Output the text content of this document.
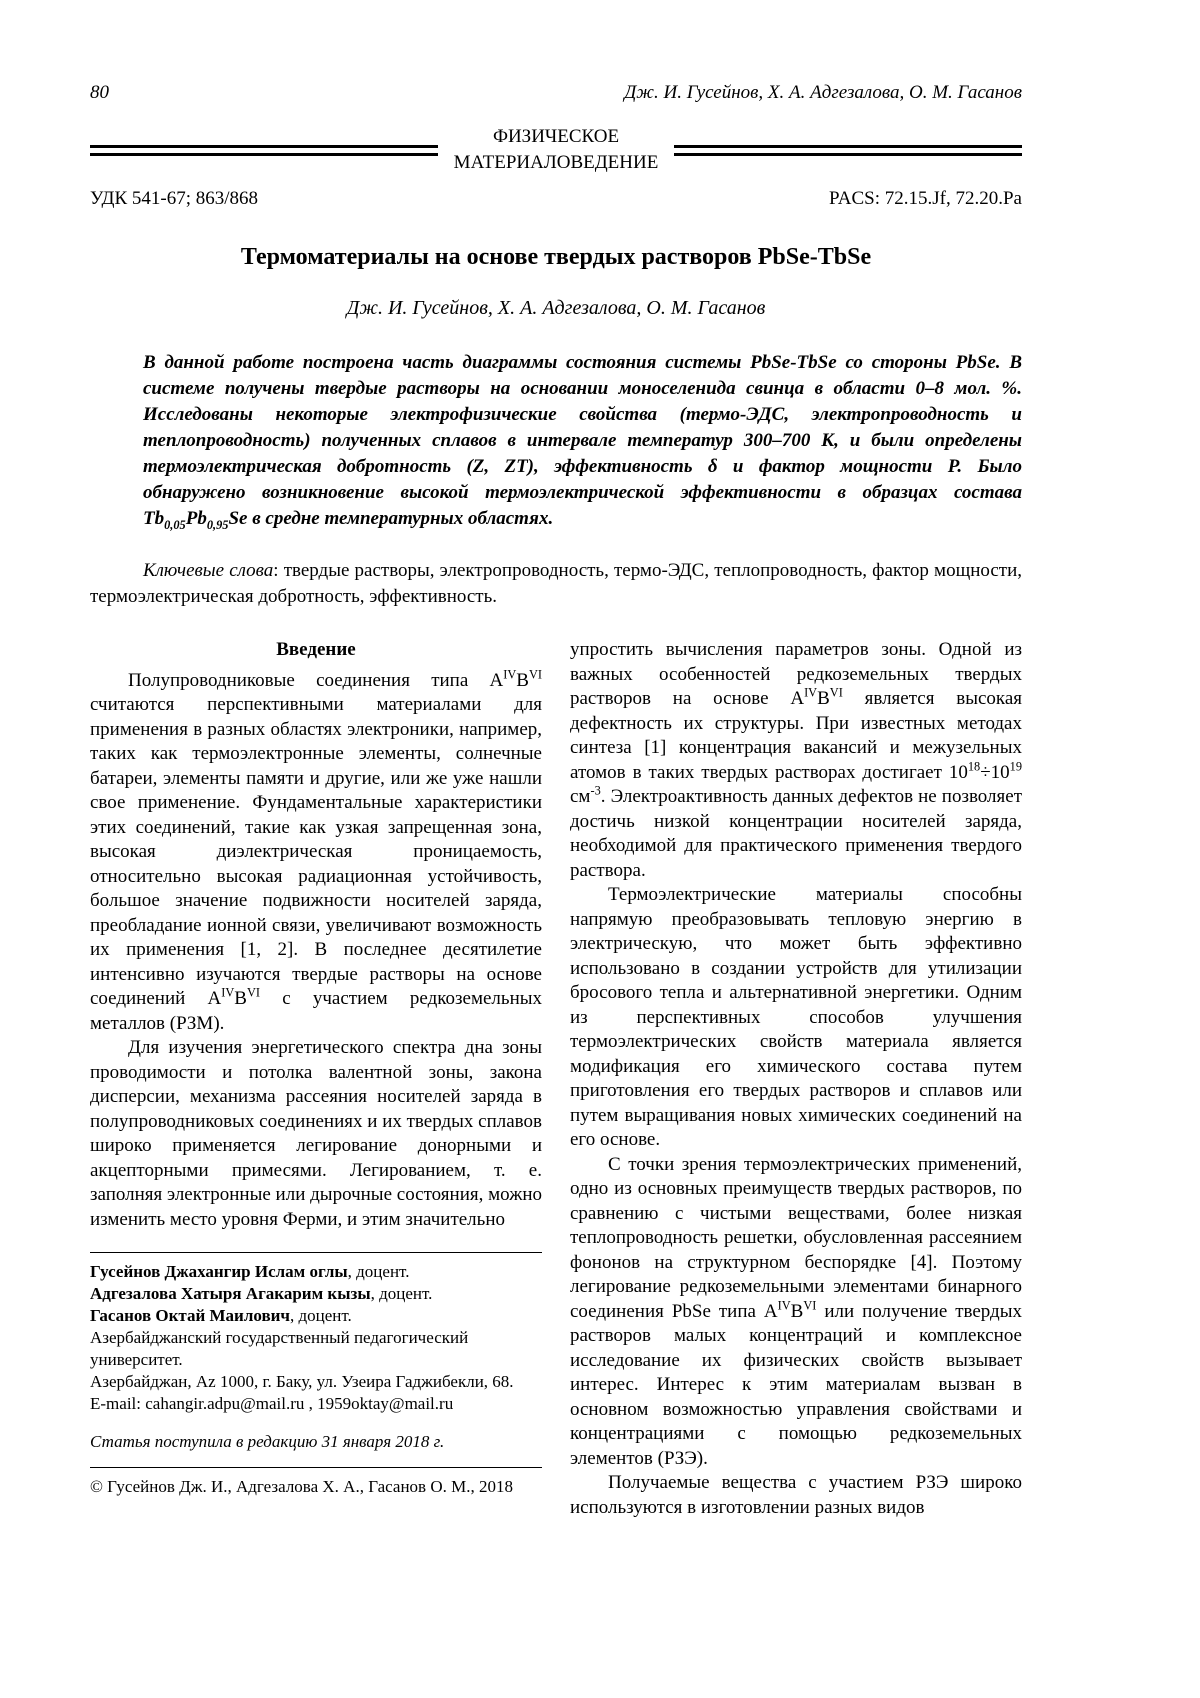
80	Дж. И. Гусейнов, Х. А. Адгезалова, О. М. Гасанов
ФИЗИЧЕСКОЕ
МАТЕРИАЛОВЕДЕНИЕ
УДК 541-67; 863/868	PACS: 72.15.Jf, 72.20.Pa
Термоматериалы на основе твердых растворов PbSe-TbSe
Дж. И. Гусейнов, Х. А. Адгезалова, О. М. Гасанов

В данной работе построена часть диаграммы состояния системы PbSe-TbSe со стороны PbSe. В системе получены твердые растворы на основании моноселенида свинца в области 0–8 мол. %. Исследованы некоторые электрофизические свойства (термо-ЭДС, электропроводность и теплопроводность) полученных сплавов в интервале температур 300–700 К, и были определены термоэлектрическая добротность (Z, ZT), эффективность δ и фактор мощности Р. Было обнаружено возникновение высокой термоэлектрической эффективности в образцах состава $Tb_{0,05}Pb_{0,95}Se$ в средне температурных областях.

Ключевые слова: твердые растворы, электропроводность, термо-ЭДС, теплопроводность, фактор мощности, термоэлектрическая добротность, эффективность.

Введение

Полупроводниковые соединения типа $A^{IV}B^{VI}$ считаются перспективными материалами для применения в разных областях электроники, например, таких как термоэлектронные элементы, солнечные батареи, элементы памяти и другие, или же уже нашли свое применение. Фундаментальные характеристики этих соединений, такие как узкая запрещенная зона, высокая диэлектрическая проницаемость, относительно высокая радиационная устойчивость, большое значение подвижности носителей заряда, преобладание ионной связи, увеличивают возможность их применения [1, 2]. В последнее десятилетие интенсивно изучаются твердые растворы на основе соединений $A^{IV}B^{VI}$ с участием редкоземельных металлов (РЗМ).

Для изучения энергетического спектра дна зоны проводимости и потолка валентной зоны, закона дисперсии, механизма рассеяния носителей заряда в полупроводниковых соединениях и их твердых сплавов широко применяется легирование донорными и акцепторными примесями. Легированием, т. е. заполняя электронные или дырочные состояния, можно изменить место уровня Ферми, и этим значительно

Гусейнов Джахангир Ислам оглы, доцент.
Адгезалова Хатыря Агакарим кызы, доцент.
Гасанов Октай Маилович, доцент.
Азербайджанский государственный педагогический университет.
Азербайджан, Az 1000, г. Баку, ул. Узеира Гаджибекли, 68.
E-mail: cahangir.adpu@mail.ru , 1959oktay@mail.ru
Статья поступила в редакцию 31 января 2018 г.
© Гусейнов Дж. И., Адгезалова Х. А., Гасанов О. М., 2018

упростить вычисления параметров зоны. Одной из важных особенностей редкоземельных твердых растворов на основе $A^{IV}B^{VI}$ является высокая дефектность их структуры. При известных методах синтеза [1] концентрация вакансий и межузельных атомов в таких твердых растворах достигает $10^{18}\div 10^{19}$ $см^{-3}$. Электроактивность данных дефектов не позволяет достичь низкой концентрации носителей заряда, необходимой для практического применения твердого раствора.

Термоэлектрические материалы способны напрямую преобразовывать тепловую энергию в электрическую, что может быть эффективно использовано в создании устройств для утилизации бросового тепла и альтернативной энергетики. Одним из перспективных способов улучшения термоэлектрических свойств материала является модификация его химического состава путем приготовления его твердых растворов и сплавов или путем выращивания новых химических соединений на его основе.

С точки зрения термоэлектрических применений, одно из основных преимуществ твердых растворов, по сравнению с чистыми веществами, более низкая теплопроводность решетки, обусловленная рассеянием фононов на структурном беспорядке [4]. Поэтому легирование редкоземельными элементами бинарного соединения PbSe типа $A^{IV}B^{VI}$ или получение твердых растворов малых концентраций и комплексное исследование их физических свойств вызывает интерес. Интерес к этим материалам вызван в основном возможностью управления свойствами и концентрациями с помощью редкоземельных элементов (РЗЭ).

Получаемые вещества с участием РЗЭ широко используются в изготовлении разных видов
